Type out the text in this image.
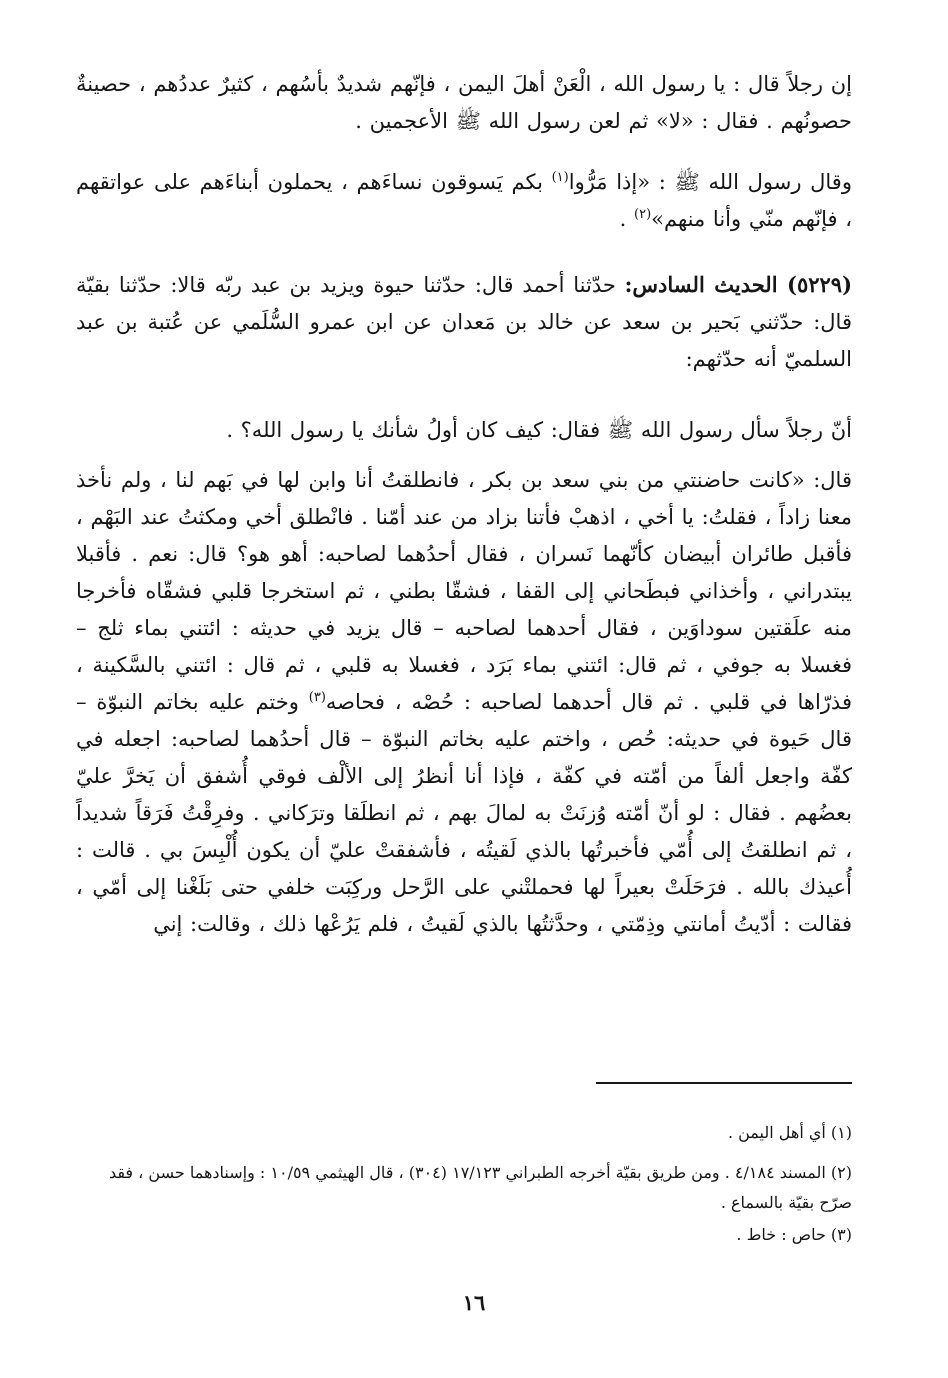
إن رجلاً قال : يا رسول الله ، الْعَنْ أهلَ اليمن ، فإنّهم شديدٌ بأسُهم ، كثيرٌ عددُهم ، حصينةٌ حصونُهم . فقال : «لا» ثم لعن رسول الله ﷺ الأعجمين .

وقال رسول الله ﷺ : «إذا مَرُّوا$^{(١)}$ بكم يَسوقون نساءَهم ، يحملون أبناءَهم على عواتقهم ، فإنّهم منّي وأنا منهم»$^{(٢)}$ .

(٥٢٢٩) الحديث السادس: حدّثنا أحمد قال: حدّثنا حيوة ويزيد بن عبد ربّه قالا: حدّثنا بقيّة قال: حدّثني بَحير بن سعد عن خالد بن مَعدان عن ابن عمرو السُّلَمي عن عُتبة بن عبد السلميّ أنه حدّثهم:

أنّ رجلاً سأل رسول الله ﷺ فقال: كيف كان أولُ شأنك يا رسول الله؟ .

قال: «كانت حاضنتي من بني سعد بن بكر ، فانطلقتُ أنا وابن لها في بَهم لنا ، ولم نأخذ معنا زاداً ، فقلتُ: يا أخي ، اذهبْ فأتنا بزاد من عند أمّنا . فانْطلق أخي ومكثتُ عند البَهْم ، فأقبل طائران أبيضان كأنّهما نَسران ، فقال أحدُهما لصاحبه: أهو هو؟ قال: نعم . فأقبلا يبتدراني ، وأخذاني فبطَحاني إلى القفا ، فشقّا بطني ، ثم استخرجا قلبي فشقّاه فأخرجا منه علَقتين سوداوَين ، فقال أحدهما لصاحبه – قال يزيد في حديثه : ائتني بماء ثلج – فغسلا به جوفي ، ثم قال: ائتني بماء بَرَد ، فغسلا به قلبي ، ثم قال : ائتني بالسَّكينة ، فذرّاها في قلبي . ثم قال أحدهما لصاحبه : حُصْه ، فحاصه$^{(٣)}$ وختم عليه بخاتم النبوّة – قال حَيوة في حديثه: حُص ، واختم عليه بخاتم النبوّة – قال أحدُهما لصاحبه: اجعله في كفّة واجعل ألفاً من أمّته في كفّة ، فإذا أنا أنظرُ إلى الألْف فوقي أُشفق أن يَخرَّ عليّ بعضُهم . فقال : لو أنّ أمّته وُزنَتْ به لمالَ بهم ، ثم انطلَقا وترَكاني . وفرِقْتُ فَرَقاً شديداً ، ثم انطلقتُ إلى أُمّي فأخبرتُها بالذي لَقيتُه ، فأشفقتْ عليّ أن يكون أُلْبِسَ بي . قالت : أُعيذك بالله . فرَحَلَتْ بعيراً لها فحملتْني على الرَّحل وركِبَت خلفي حتى بَلَغْنا إلى أمّي ، فقالت : أدّيتُ أمانتي وذِمّتي ، وحدَّثتُها بالذي لَقيتُ ، فلم يَرُعْها ذلك ، وقالت: إني

(١) أي أهل اليمن .

(٢) المسند ٤/١٨٤ . ومن طريق بقيّة أخرجه الطبراني ١٧/١٢٣ (٣٠٤) ، قال الهيثمي ١٠/٥٩ : وإسنادهما حسن ، فقد صرّح بقيّة بالسماع .

(٣) حاص : خاط .

١٦
